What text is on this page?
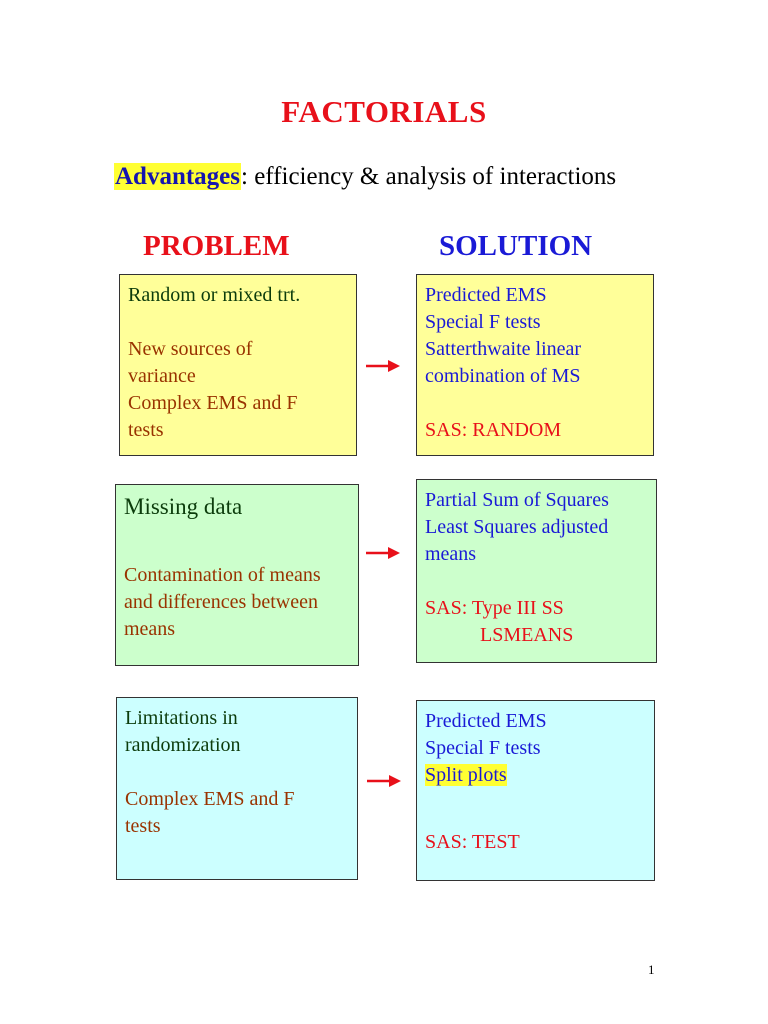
FACTORIALS
Advantages: efficiency & analysis of interactions
PROBLEM	SOLUTION
Random or mixed trt.
New sources of
variance
Complex EMS and F
tests
Predicted EMS
Special F tests
Satterthwaite linear
combination of MS
SAS: RANDOM
Missing data
Contamination of means
and differences between
means
Partial Sum of Squares
Least Squares adjusted
means
SAS: Type III SS
LSMEANS
Limitations in
randomization
Complex EMS and F
tests
Predicted EMS
Special F tests
Split plots
SAS: TEST
1
